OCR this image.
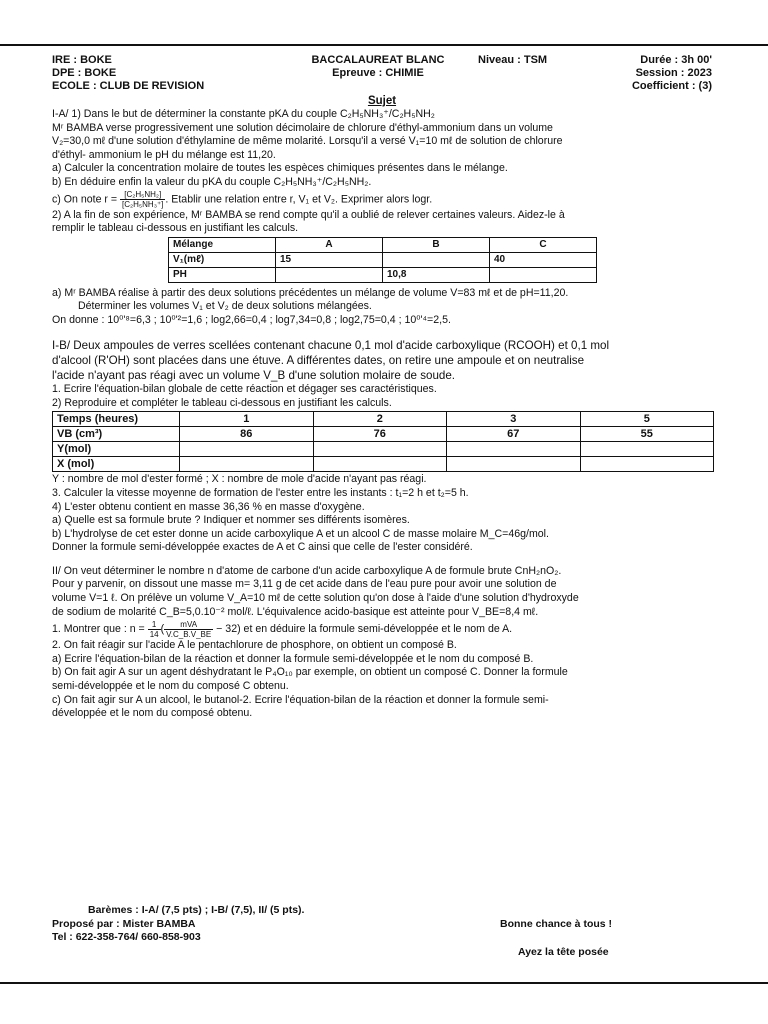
IRE : BOKE
DPE : BOKE
ECOLE : CLUB DE REVISION
BACCALAUREAT BLANC
Epreuve : CHIMIE
Niveau : TSM	Durée : 3h 00'
Session : 2023
Coefficient : (3)
Sujet

I-A/ 1) Dans le but de déterminer la constante pKA du couple C₂H₅NH₃⁺/C₂H₅NH₂

Mʳ BAMBA verse progressivement une solution décimolaire de chlorure d'éthyl-ammonium dans un volume

V₂=30,0 mℓ d'une solution d'éthylamine de même molarité. Lorsqu'il a versé V₁=10 mℓ de solution de chlorure

d'éthyl- ammonium le pH du mélange est 11,20.

a) Calculer la concentration molaire de toutes les espèces chimiques présentes dans le mélange.

b) En déduire enfin la valeur du pKA du couple C₂H₅NH₃⁺/C₂H₅NH₂.

c) On note $r = \frac{\text{[C₂H₅NH₂]}}{\text{[C₂H₅NH₃⁺]}}$ . Etablir une relation entre r, V₁ et V₂. Exprimer alors logr.

2) A la fin de son expérience, Mʳ BAMBA se rend compte qu'il a oublié de relever certaines valeurs. Aidez-le à

remplir le tableau ci-dessous en justifiant les calculs.

Mélange	A	B	C
V₁(mℓ)	15		40
PH		10,8	

a) Mʳ BAMBA réalise à partir des deux solutions précédentes un mélange de volume V=83 mℓ et de pH=11,20.

Déterminer les volumes V₁ et V₂ de deux solutions mélangées.

On donne : 10⁰'⁸=6,3 ; 10⁰'²=1,6 ; log2,66=0,4 ; log7,34=0,8 ; log2,75=0,4 ; 10⁰'⁴=2,5.

I-B/ Deux ampoules de verres scellées contenant chacune 0,1 mol d'acide carboxylique (RCOOH) et 0,1 mol

d'alcool (R'OH) sont placées dans une étuve. A différentes dates, on retire une ampoule et on neutralise

l'acide n'ayant pas réagi avec un volume V_B d'une solution molaire de soude.

1. Ecrire l'équation-bilan globale de cette réaction et dégager ses caractéristiques.

2) Reproduire et compléter le tableau ci-dessous en justifiant les calculs.

Temps (heures)	1	2	3	5
VB (cm³)	86	76	67	55
Y(mol)				
X (mol)				

Y : nombre de mol d'ester formé ; X : nombre de mole d'acide n'ayant pas réagi.

3. Calculer la vitesse moyenne de formation de l'ester entre les instants : t₁=2 h et t₂=5 h.

4) L'ester obtenu contient en masse 36,36 % en masse d'oxygène.

a) Quelle est sa formule brute ? Indiquer et nommer ses différents isomères.

b) L'hydrolyse de cet ester donne un acide carboxylique A et un alcool C de masse molaire M_C=46g/mol.

Donner la formule semi-développée exactes de A et C ainsi que celle de l'ester considéré.

II/ On veut déterminer le nombre n d'atome de carbone d'un acide carboxylique A de formule brute CnH₂nO₂.

Pour y parvenir, on dissout une masse m= 3,11 g de cet acide dans de l'eau pure pour avoir une solution de

volume V=1 ℓ. On prélève un volume V_A=10 mℓ de cette solution qu'on dose à l'aide d'une solution d'hydroxyde

de sodium de molarité C_B=5,0.10⁻² mol/ℓ. L'équivalence acido-basique est atteinte pour V_BE=8,4 mℓ.

1. Montrer que : $n = \frac{1}{14}$ ( $\frac{\text{mVA}}{V.C\_B.V\_BE} - 32$) et en déduire la formule semi-développée et le nom de A.

2. On fait réagir sur l'acide A le pentachlorure de phosphore, on obtient un composé B.

a) Ecrire l'équation-bilan de la réaction et donner la formule semi-développée et le nom du composé B.

b) On fait agir A sur un agent déshydratant le P₄O₁₀ par exemple, on obtient un composé C. Donner la formule

semi-développée et le nom du composé C obtenu.

c) On fait agir sur A un alcool, le butanol-2. Ecrire l'équation-bilan de la réaction et donner la formule semi-

développée et le nom du composé obtenu.

Barèmes : I-A/ (7,5 pts) ; I-B/ (7,5), II/ (5 pts).
Proposé par : Mister BAMBA
Tel : 622-358-764/ 660-858-903
Bonne chance à tous !
Ayez la tête posée
